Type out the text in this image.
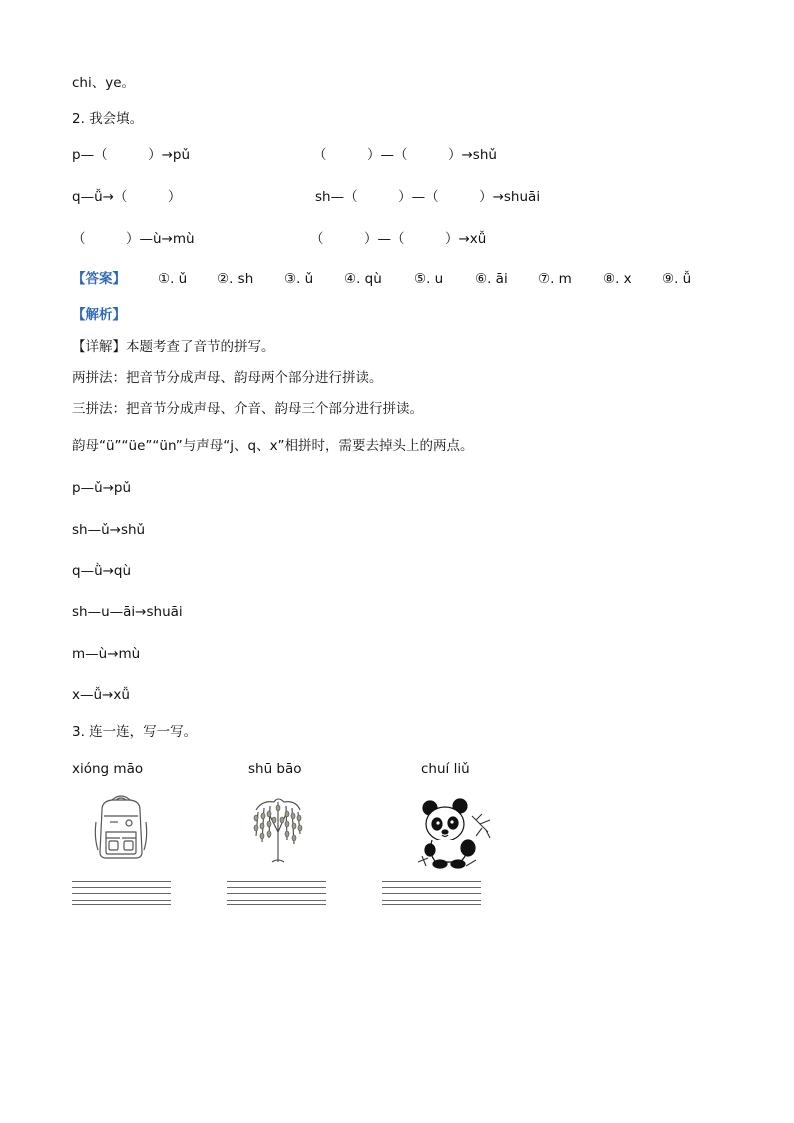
chi、ye。
2. 我会填。
p—（　　　）→pǔ	（　　　）—（　　　）→shǔ
q—ǚ→（　　　）	sh—（　　　）—（　　　）→shuāi
（　　　）—ù→mù	（　　　）—（　　　）→xǚ
【答案】 ①. ǔ ②. sh ③. ǔ ④. qù ⑤. u ⑥. āi ⑦. m ⑧. x ⑨. ǚ
【解析】
【详解】本题考查了音节的拼写。
两拼法：把音节分成声母、韵母两个部分进行拼读。
三拼法：把音节分成声母、介音、韵母三个部分进行拼读。
韵母“ü”“üe”“ün”与声母“j、q、x”相拼时，需要去掉头上的两点。
p—ǔ→pǔ
sh—ǔ→shǔ
q—ǜ→qù
sh—u—āi→shuāi
m—ù→mù
x—ǚ→xǚ
3. 连一连，写一写。
xióng māo	shū bāo	chuí liǔ
